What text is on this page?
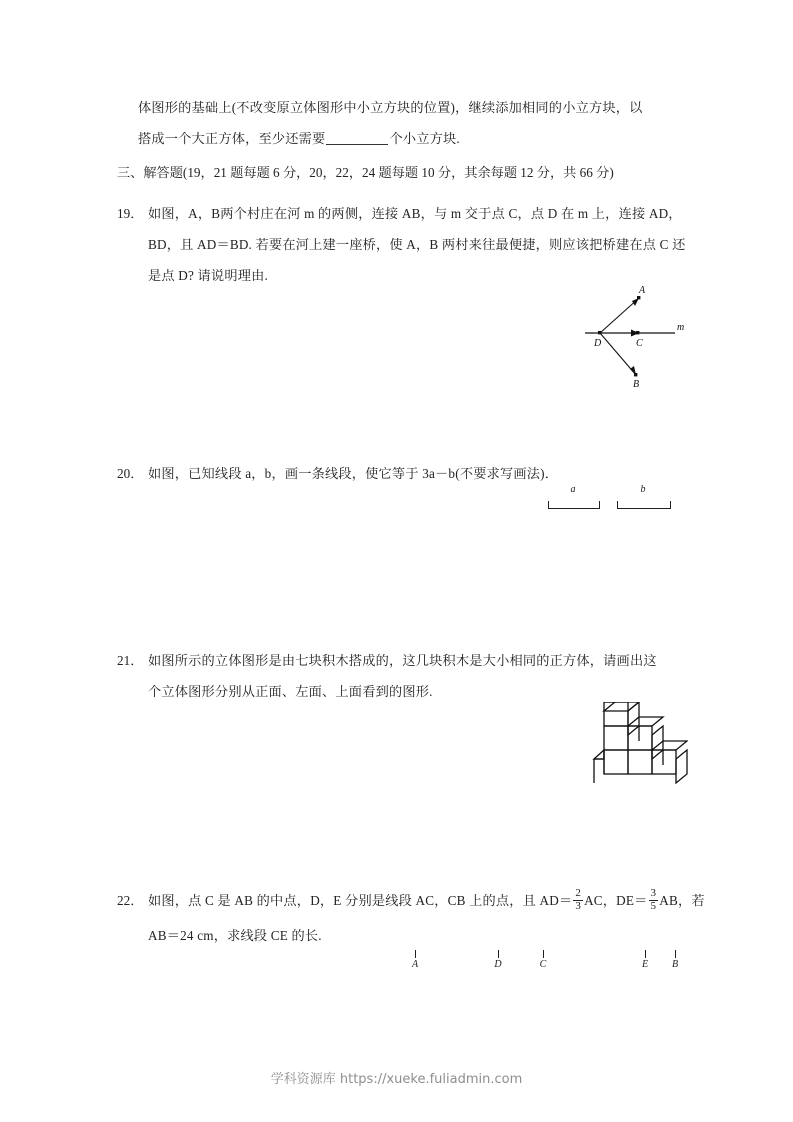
体图形的基础上(不改变原立体图形中小立方块的位置)，继续添加相同的小立方块，以
搭成一个大正方体，至少还需要	个小立方块.
三、解答题(19，21 题每题 6 分，20，22，24 题每题 10 分，其余每题 12 分，共 66 分)
19． 如图，A，B两个村庄在河 m 的两侧，连接 AB，与 m 交于点 C，点 D 在 m 上，连接 AD，
BD，且 AD＝BD. 若要在河上建一座桥，使 A，B 两村来往最便捷，则应该把桥建在点 C 还
是点 D? 请说明理由.
D
A
B
C
m
20． 如图，已知线段 a，b，画一条线段，使它等于 3a－b(不要求写画法)．
a	b
21． 如图所示的立体图形是由七块积木搭成的，这几块积木是大小相同的正方体，请画出这
个立体图形分别从正面、左面、上面看到的图形.
22． 如图，点 C 是 AB 的中点，D，E 分别是线段 AC，CB 上的点，且 $AD= \frac{2}{3}$ AC，$DE= \frac{3}{5}$ AB，若
AB＝24 cm，求线段 CE 的长.
A	D	C	E B
学科资源库 https://xueke.fuliadmin.com
